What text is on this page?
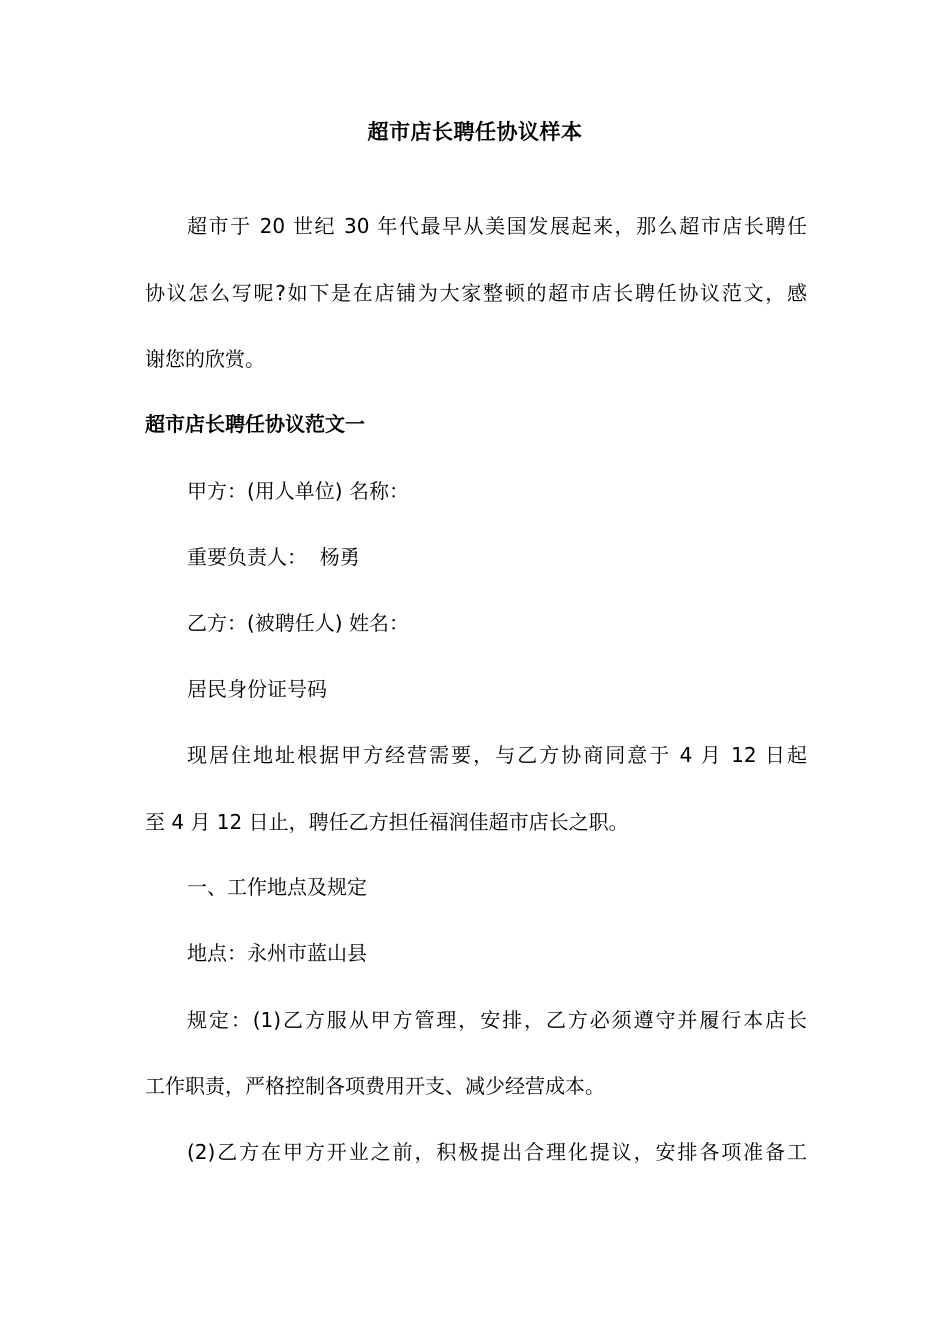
超市店长聘任协议样本
超市于 20 世纪 30 年代最早从美国发展起来，那么超市店长聘任
协议怎么写呢?如下是在店铺为大家整顿的超市店长聘任协议范文，感
谢您的欣赏。
超市店长聘任协议范文一
甲方：(用人单位) 名称：
重要负责人：  杨勇
乙方：(被聘任人) 姓名：
居民身份证号码
现居住地址根据甲方经营需要，与乙方协商同意于 4 月 12 日起
至 4 月 12 日止，聘任乙方担任福润佳超市店长之职。
一、工作地点及规定
地点：永州市蓝山县
规定：(1)乙方服从甲方管理，安排，乙方必须遵守并履行本店长
工作职责，严格控制各项费用开支、减少经营成本。
(2)乙方在甲方开业之前，积极提出合理化提议，安排各项准备工
